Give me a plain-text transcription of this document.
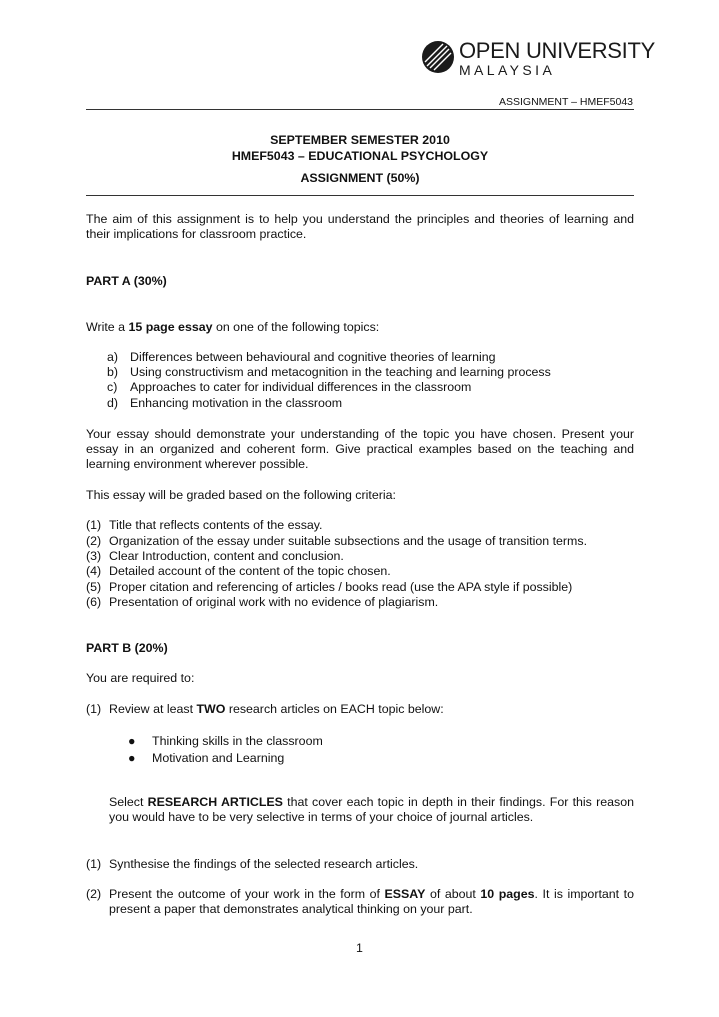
OPEN UNIVERSITY
MALAYSIA
ASSIGNMENT – HMEF5043
SEPTEMBER SEMESTER 2010
HMEF5043 – EDUCATIONAL PSYCHOLOGY
ASSIGNMENT (50%)
The aim of this assignment is to help you understand the principles and theories of learning and their implications for classroom practice.
PART A (30%)
Write a 15 page essay on one of the following topics:
a) Differences between behavioural and cognitive theories of learning
b) Using constructivism and metacognition in the teaching and learning process
c) Approaches to cater for individual differences in the classroom
d) Enhancing motivation in the classroom
Your essay should demonstrate your understanding of the topic you have chosen. Present your essay in an organized and coherent form. Give practical examples based on the teaching and learning environment wherever possible.
This essay will be graded based on the following criteria:
(1) Title that reflects contents of the essay.
(2) Organization of the essay under suitable subsections and the usage of transition terms.
(3) Clear Introduction, content and conclusion.
(4) Detailed account of the content of the topic chosen.
(5) Proper citation and referencing of articles / books read (use the APA style if possible)
(6) Presentation of original work with no evidence of plagiarism.
PART B (20%)
You are required to:
(1) Review at least TWO research articles on EACH topic below:
● Thinking skills in the classroom
● Motivation and Learning
Select RESEARCH ARTICLES that cover each topic in depth in their findings. For this reason you would have to be very selective in terms of your choice of journal articles.
(1) Synthesise the findings of the selected research articles.
(2) Present the outcome of your work in the form of ESSAY of about 10 pages. It is important to present a paper that demonstrates analytical thinking on your part.
1
